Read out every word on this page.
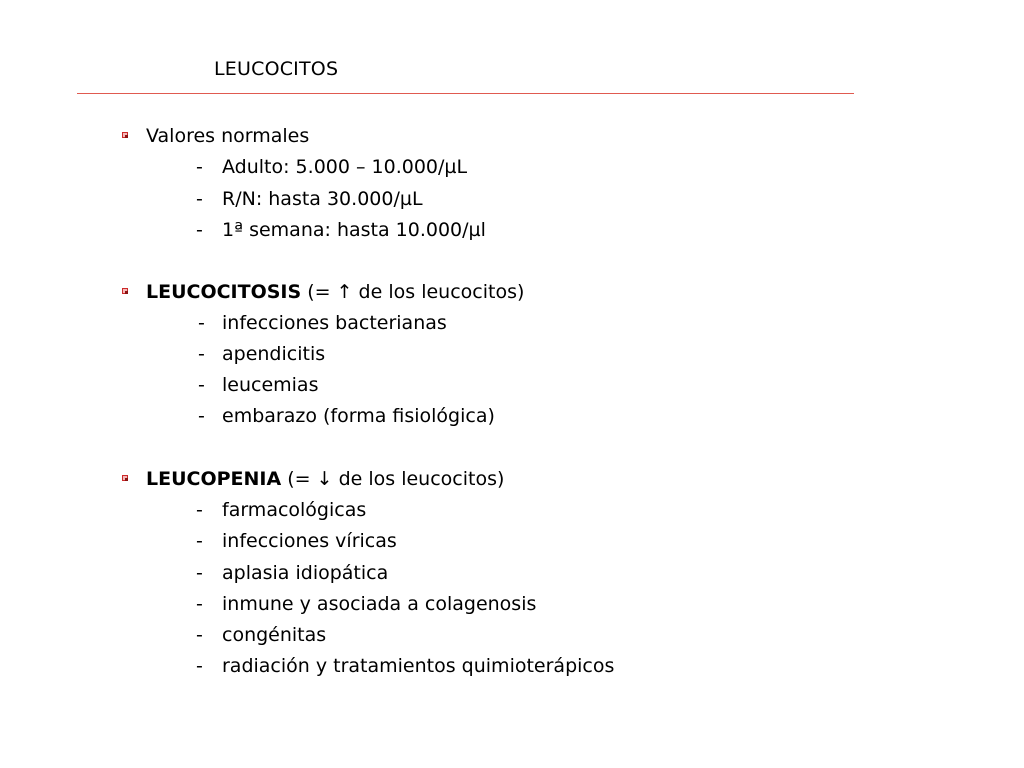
LEUCOCITOS
Valores normales
- Adulto: 5.000 – 10.000/µL
- R/N: hasta 30.000/µL
- 1ª semana: hasta 10.000/µl
LEUCOCITOSIS (= ↑ de los leucocitos)
- infecciones bacterianas
- apendicitis
- leucemias
- embarazo (forma fisiológica)
LEUCOPENIA (= ↓ de los leucocitos)
- farmacológicas
- infecciones víricas
- aplasia idiopática
- inmune y asociada a colagenosis
- congénitas
- radiación y tratamientos quimioterápicos
